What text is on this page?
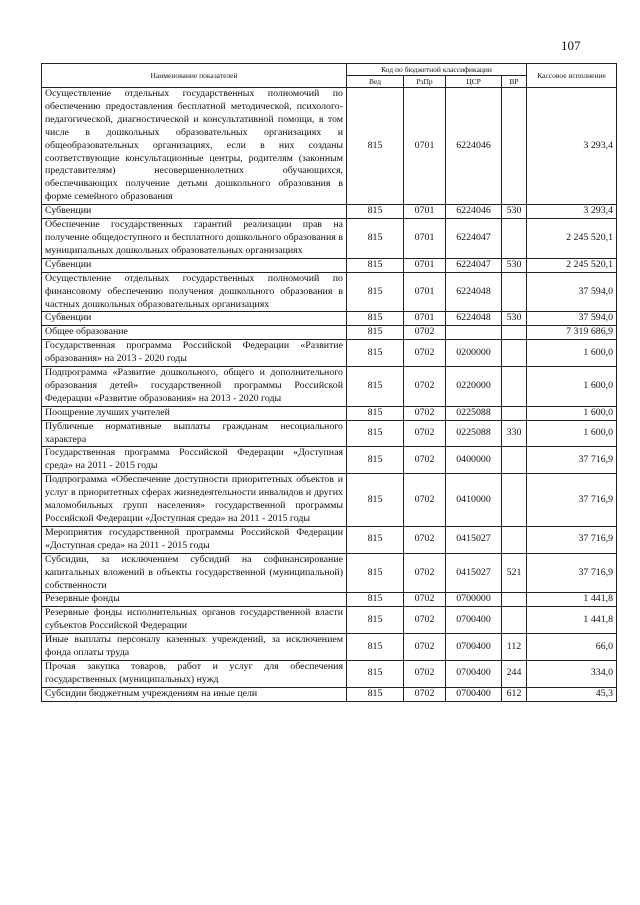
107
Наименование показателей	Код по бюджетной классификации				Кассовое исполнение
	Вед	РзПр	ЦСР	ВР	
Осуществление отдельных государственных полномочий по обеспечению предоставления бесплатной методической, психолого-педагогической, диагностической и консультативной помощи, в том числе в дошкольных образовательных организациях и общеобразовательных организациях, если в них созданы соответствующие консультационные центры, родителям (законным представителям) несовершеннолетних обучающихся, обеспечивающих получение детьми дошкольного образования в форме семейного образования	815	0701	6224046		3 293,4
Субвенции	815	0701	6224046	530	3 293,4
Обеспечение государственных гарантий реализации прав на получение общедоступного и бесплатного дошкольного образования в муниципальных дошкольных образовательных организациях	815	0701	6224047		2 245 520,1
Субвенции	815	0701	6224047	530	2 245 520,1
Осуществление отдельных государственных полномочий по финансовому обеспечению получения дошкольного образования в частных дошкольных образовательных организациях	815	0701	6224048		37 594,0
Субвенции	815	0701	6224048	530	37 594,0
Общее образование	815	0702			7 319 686,9
Государственная программа Российской Федерации «Развитие образования» на 2013 - 2020 годы	815	0702	0200000		1 600,0
Подпрограмма «Развитие дошкольного, общего и дополнительного образования детей» государственной программы Российской Федерации «Развитие образования» на 2013 - 2020 годы	815	0702	0220000		1 600,0
Поощрение лучших учителей	815	0702	0225088		1 600,0
Публичные нормативные выплаты гражданам несоциального характера	815	0702	0225088	330	1 600,0
Государственная программа Российской Федерации «Доступная среда» на 2011 - 2015 годы	815	0702	0400000		37 716,9
Подпрограмма «Обеспечение доступности приоритетных объектов и услуг в приоритетных сферах жизнедеятельности инвалидов и других маломобильных групп населения» государственной программы Российской Федерации «Доступная среда» на 2011 - 2015 годы	815	0702	0410000		37 716,9
Мероприятия государственной программы Российской Федерации «Доступная среда» на 2011 - 2015 годы	815	0702	0415027		37 716,9
Субсидии, за исключением субсидий на софинансирование капитальных вложений в объекты государственной (муниципальной) собственности	815	0702	0415027	521	37 716,9
Резервные фонды	815	0702	0700000		1 441,8
Резервные фонды исполнительных органов государственной власти субъектов Российской Федерации	815	0702	0700400		1 441,8
Иные выплаты персоналу казенных учреждений, за исключением фонда оплаты труда	815	0702	0700400	112	66,0
Прочая закупка товаров, работ и услуг для обеспечения государственных (муниципальных) нужд	815	0702	0700400	244	334,0
Субсидии бюджетным учреждениям на иные цели	815	0702	0700400	612	45,3
